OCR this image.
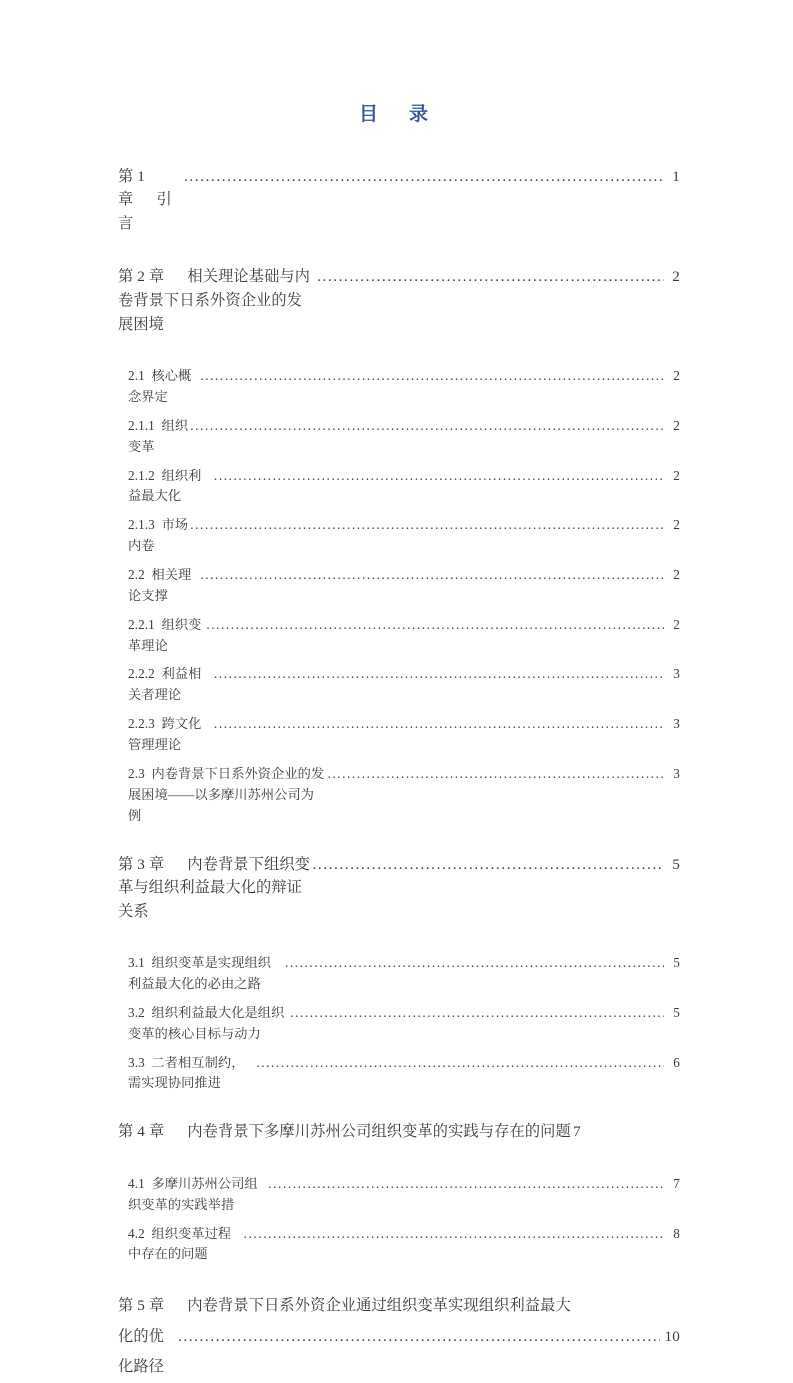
目　录
第 1 章   引言
.....
1
第 2 章   相关理论基础与内卷背景下日系外资企业的发展困境
.....
2
2.1  核心概念界定
.....
2
2.1.1  组织变革
.....
2
2.1.2  组织利益最大化
.....
2
2.1.3  市场内卷
.....
2
2.2  相关理论支撑
.....
2
2.2.1  组织变革理论
.....
2
2.2.2  利益相关者理论
.....
3
2.2.3  跨文化管理理论
.....
3
2.3  内卷背景下日系外资企业的发展困境——以多摩川苏州公司为例
.....
3
第 3 章   内卷背景下组织变革与组织利益最大化的辩证关系
.....
5
3.1  组织变革是实现组织利益最大化的必由之路
.....
5
3.2  组织利益最大化是组织变革的核心目标与动力
.....
5
3.3  二者相互制约，需实现协同推进
.....
6
第 4 章   内卷背景下多摩川苏州公司组织变革的实践与存在的问题 7
4.1  多摩川苏州公司组织变革的实践举措
.....
7
4.2  组织变革过程中存在的问题
.....
8
第 5 章   内卷背景下日系外资企业通过组织变革实现组织利益最大
化的优化路径
.....
10
